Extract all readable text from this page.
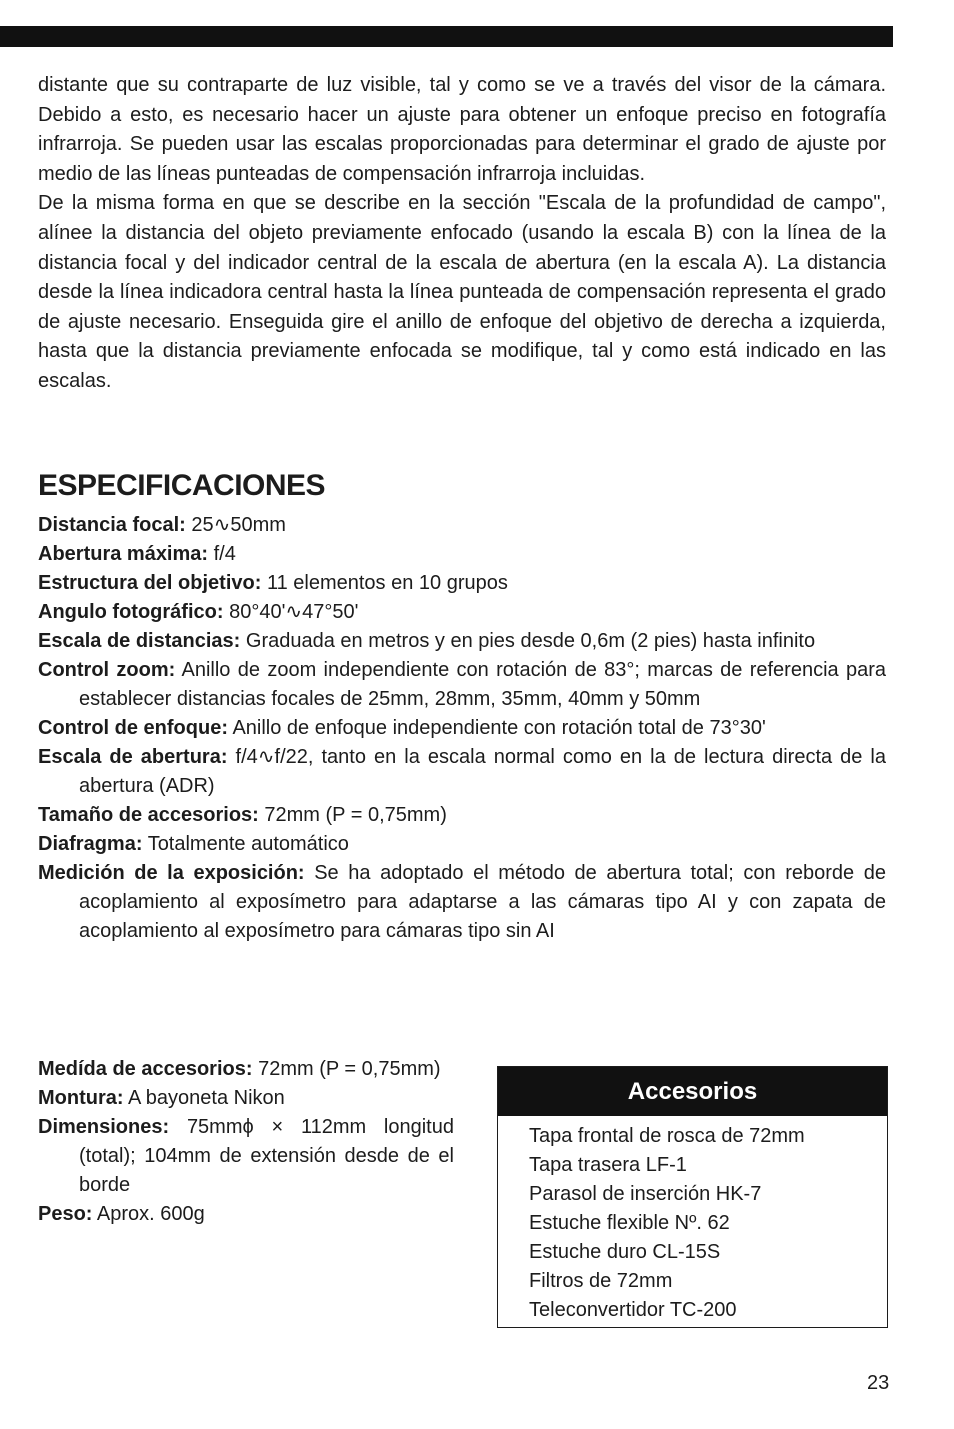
distante que su contraparte de luz visible, tal y como se ve a través del visor de la cámara. Debido a esto, es necesario hacer un ajuste para obtener un enfoque preciso en fotografía infrarroja. Se pueden usar las escalas proporcionadas para determinar el grado de ajuste por medio de las líneas punteadas de compensación infrarroja incluidas.

De la misma forma en que se describe en la sección "Escala de la profundidad de campo", alínee la distancia del objeto previamente enfocado (usando la escala B) con la línea de la distancia focal y del indicador central de la escala de abertura (en la escala A). La distancia desde la línea indicadora central hasta la línea punteada de compensación representa el grado de ajuste necesario. Enseguida gire el anillo de enfoque del objetivo de derecha a izquierda, hasta que la distancia previamente enfocada se modifique, tal y como está indicado en las escalas.

ESPECIFICACIONES

Distancia focal: 25∿50mm

Abertura máxima: f/4

Estructura del objetivo: 11 elementos en 10 grupos

Angulo fotográfico: 80°40'∿47°50'

Escala de distancias: Graduada en metros y en pies desde 0,6m (2 pies) hasta infinito

Control zoom: Anillo de zoom independiente con rotación de 83°; marcas de referencia para establecer distancias focales de 25mm, 28mm, 35mm, 40mm y 50mm

Control de enfoque: Anillo de enfoque independiente con rotación total de 73°30'

Escala de abertura: f/4∿f/22, tanto en la escala normal como en la de lectura directa de la abertura (ADR)

Tamaño de accesorios: 72mm (P = 0,75mm)

Diafragma: Totalmente automático

Medición de la exposición: Se ha adoptado el método de abertura total; con reborde de acoplamiento al exposímetro para adaptarse a las cámaras tipo AI y con zapata de acoplamiento al exposímetro para cámaras tipo sin AI

Medída de accesorios: 72mm (P = 0,75mm)

Montura: A bayoneta Nikon

Dimensiones: 75mmϕ × 112mm longitud (total); 104mm de extensión desde de el borde

Peso: Aprox. 600g

Accesorios
Tapa frontal de rosca de 72mm
Tapa trasera LF-1
Parasol de inserción HK-7
Estuche flexible Nº. 62
Estuche duro CL-15S
Filtros de 72mm
Teleconvertidor TC-200
23
